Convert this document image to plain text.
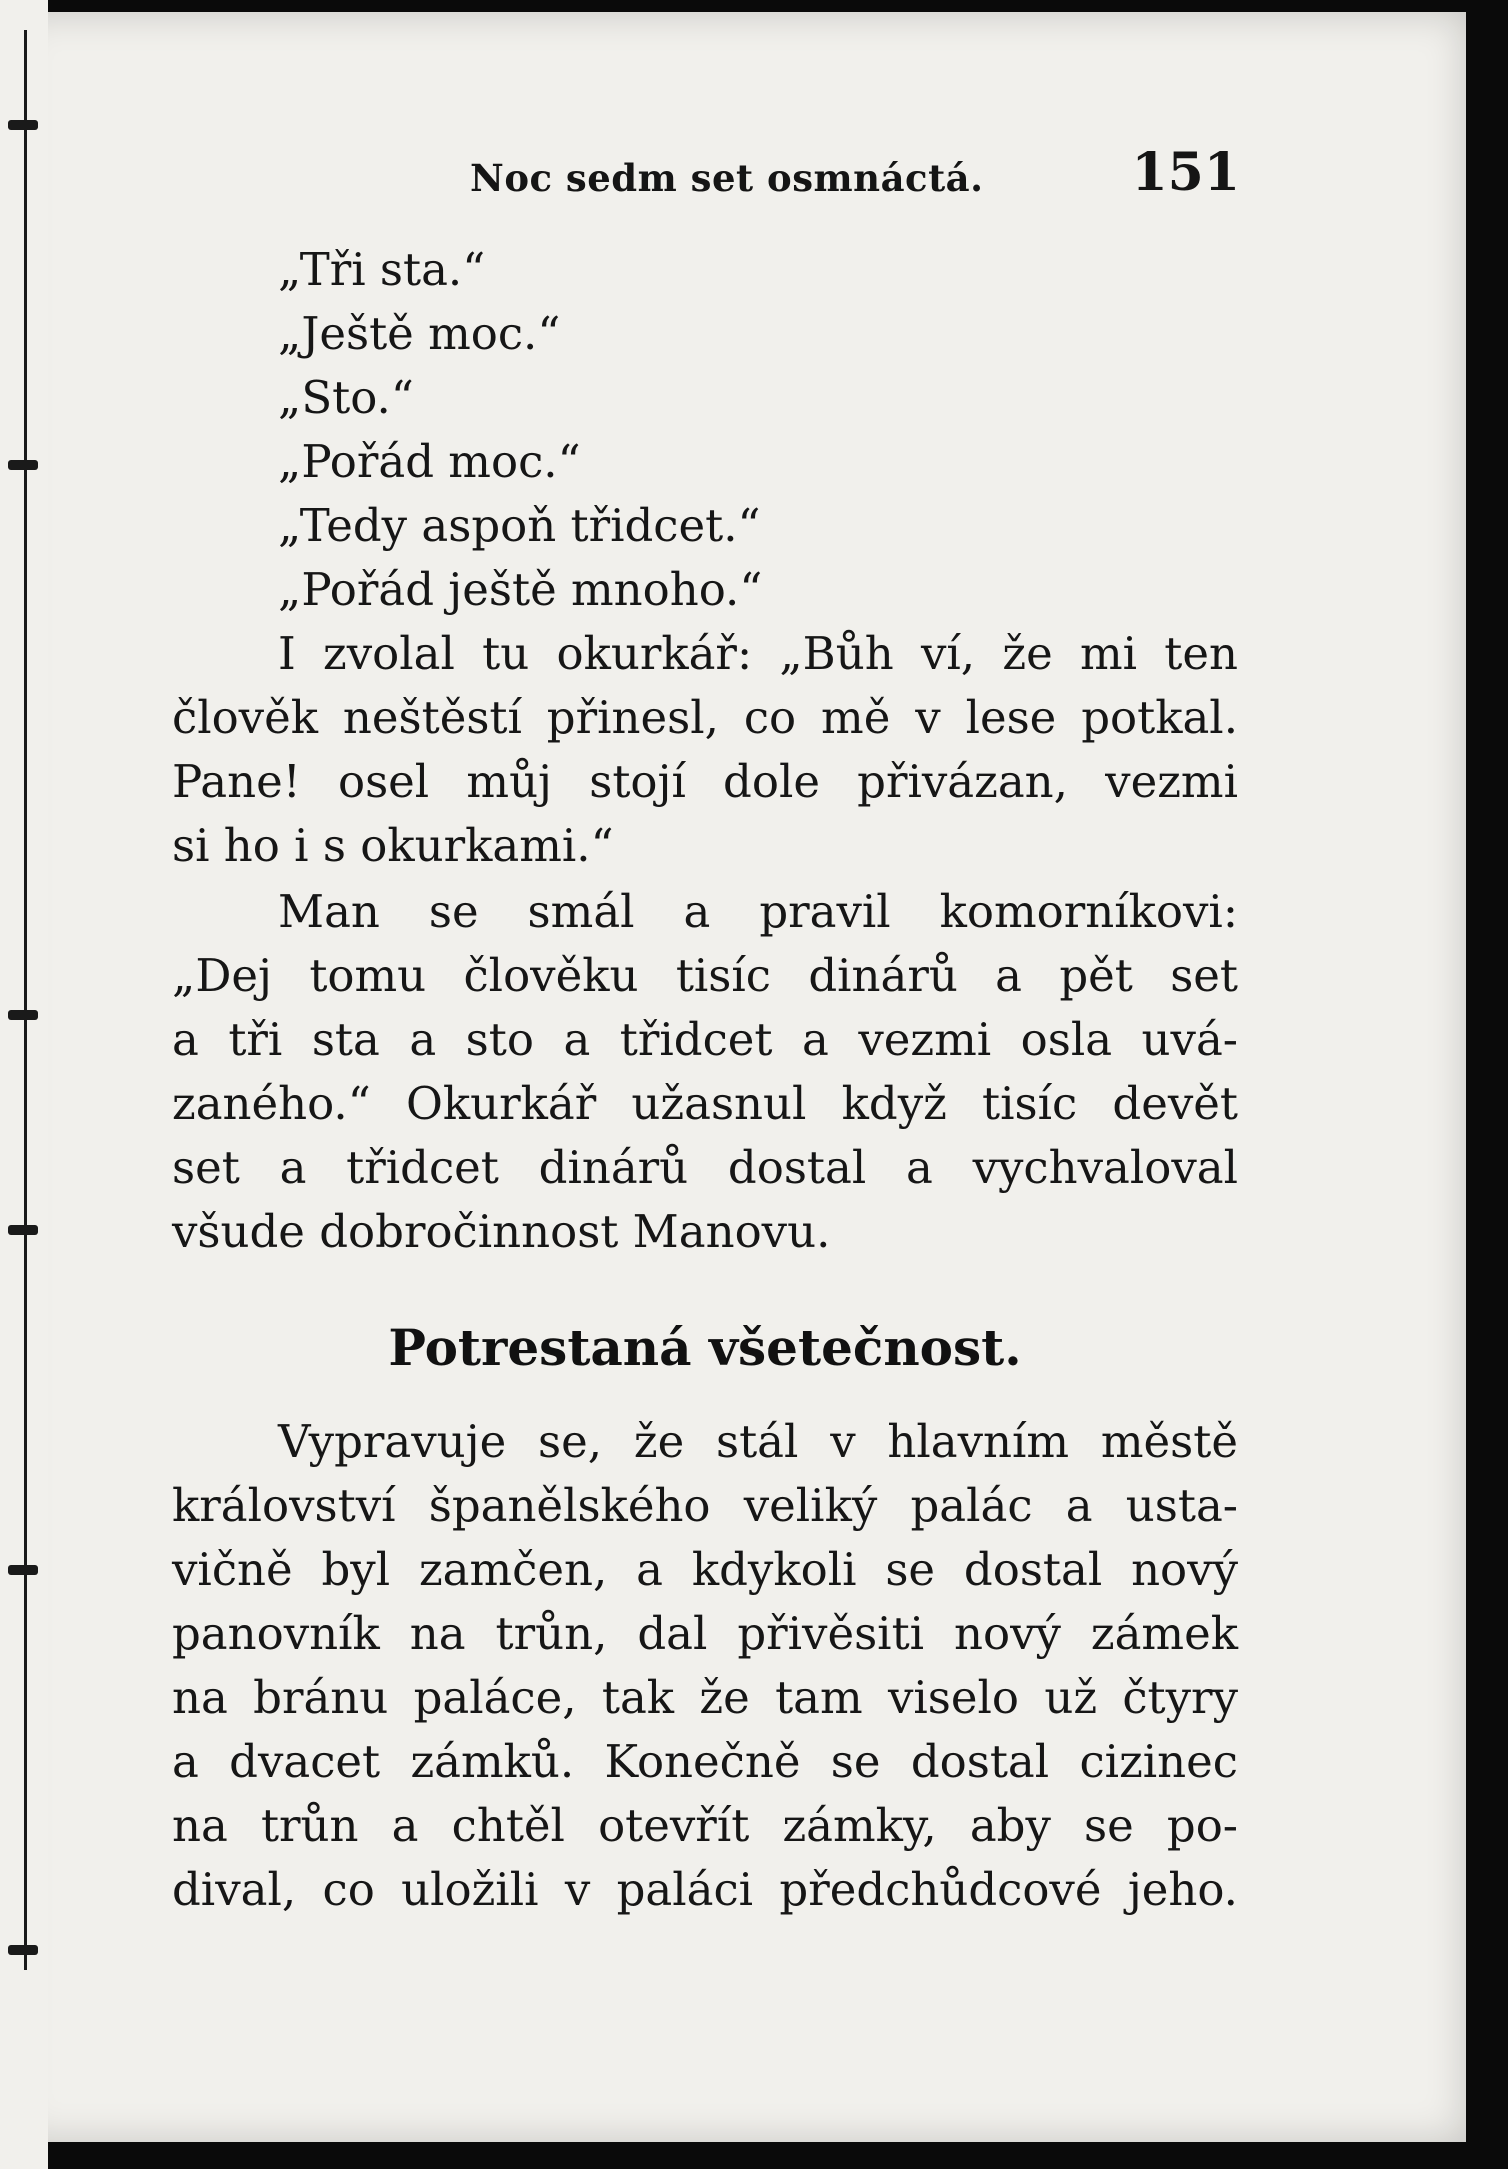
Noc sedm set osmnáctá.	151
„Tři sta.“
„Ještě moc.“
„Sto.“
„Pořád moc.“
„Tedy aspoň třidcet.“
„Pořád ještě mnoho.“
I zvolal tu okurkář: „Bůh ví, že mi ten
člověk neštěstí přinesl, co mě v lese potkal.
Pane! osel můj stojí dole přivázan, vezmi
si ho i s okurkami.“
Man se smál a pravil komorníkovi:
„Dej tomu člověku tisíc dinárů a pět set
a tři sta a sto a třidcet a vezmi osla uvá-
zaného.“ Okurkář užasnul když tisíc devět
set a třidcet dinárů dostal a vychvaloval
všude dobročinnost Manovu.
Potrestaná všetečnost.
Vypravuje se, že stál v hlavním městě
království španělského veliký palác a usta-
vičně byl zamčen, a kdykoli se dostal nový
panovník na trůn, dal přivěsiti nový zámek
na bránu paláce, tak že tam viselo už čtyry
a dvacet zámků. Konečně se dostal cizinec
na trůn a chtěl otevřít zámky, aby se po-
dival, co uložili v paláci předchůdcové jeho.
